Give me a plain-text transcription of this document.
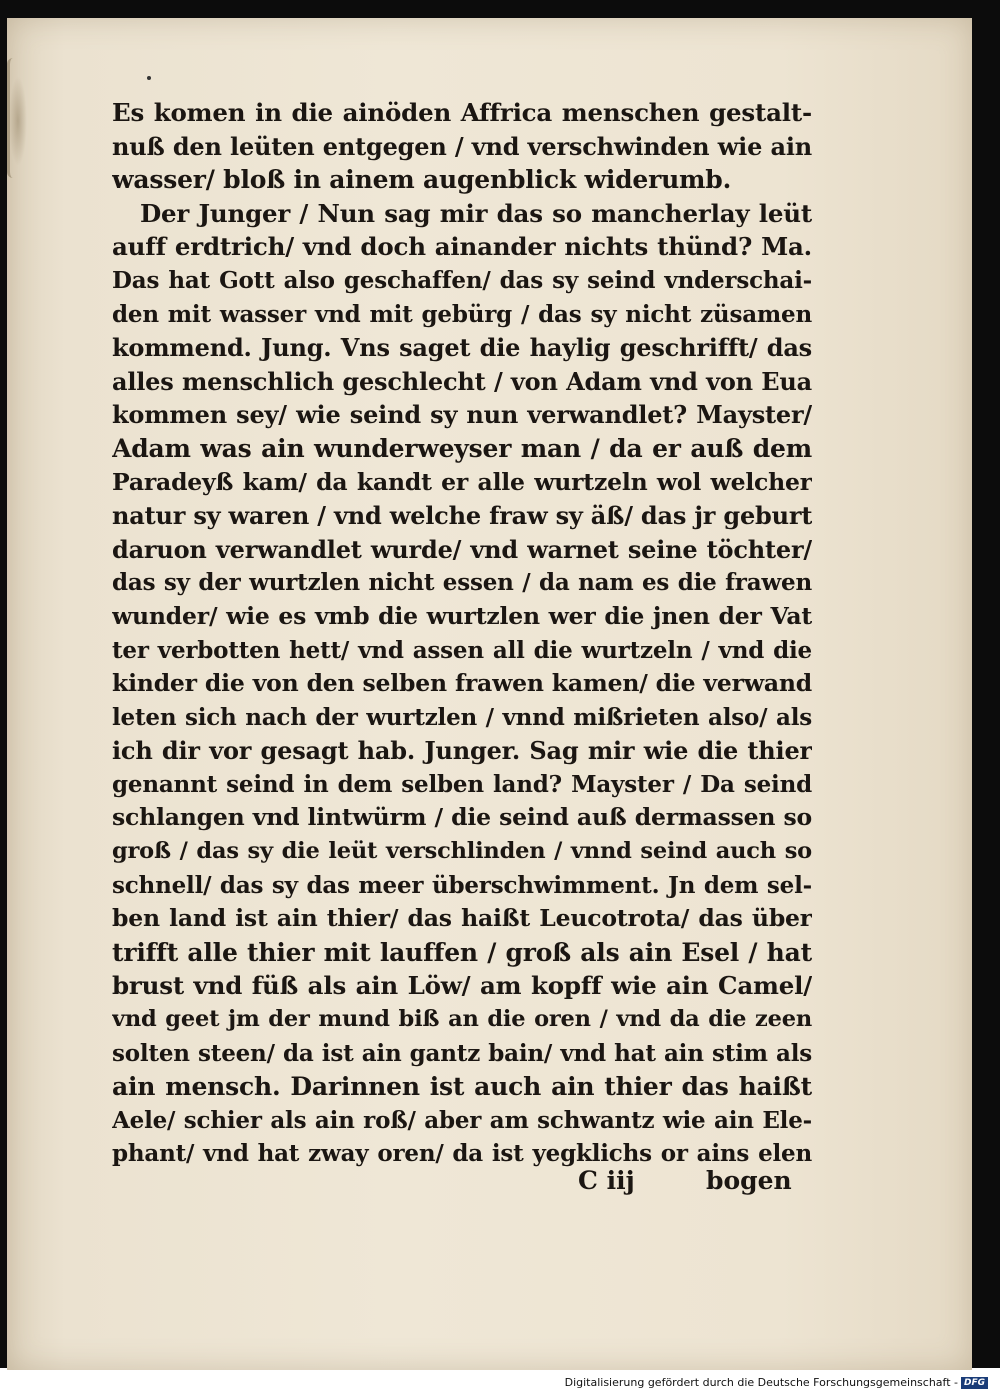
Es komen in die ainöden Affrica menschen gestalt-
nuß den leüten entgegen / vnd verschwinden wie ain
wasser/ bloß in ainem augenblick widerumb.
Der Junger / Nun sag mir das so mancherlay leüt
auff erdtrich/ vnd doch ainander nichts thünd? Ma.
Das hat Gott also geschaffen/ das sy seind vnderschai-
den mit wasser vnd mit gebürg / das sy nicht züsamen
kommend. Jung. Vns saget die haylig geschrifft/ das
alles menschlich geschlecht / von Adam vnd von Eua
kommen sey/ wie seind sy nun verwandlet? Mayster/
Adam was ain wunderweyser man / da er auß dem
Paradeyß kam/ da kandt er alle wurtzeln wol welcher
natur sy waren / vnd welche fraw sy äß/ das jr geburt
daruon verwandlet wurde/ vnd warnet seine töchter/
das sy der wurtzlen nicht essen / da nam es die frawen
wunder/ wie es vmb die wurtzlen wer die jnen der Vat
ter verbotten hett/ vnd assen all die wurtzeln / vnd die
kinder die von den selben frawen kamen/ die verwand
leten sich nach der wurtzlen / vnnd mißrieten also/ als
ich dir vor gesagt hab. Junger. Sag mir wie die thier
genannt seind in dem selben land? Mayster / Da seind
schlangen vnd lintwürm / die seind auß dermassen so
groß / das sy die leüt verschlinden / vnnd seind auch so
schnell/ das sy das meer überschwimment. Jn dem sel-
ben land ist ain thier/ das haißt Leucotrota/ das über
trifft alle thier mit lauffen / groß als ain Esel / hat
brust vnd füß als ain Löw/ am kopff wie ain Camel/
vnd geet jm der mund biß an die oren / vnd da die zeen
solten steen/ da ist ain gantz bain/ vnd hat ain stim als
ain mensch. Darinnen ist auch ain thier das haißt
Aele/ schier als ain roß/ aber am schwantz wie ain Ele-
phant/ vnd hat zway oren/ da ist yegklichs or ains elen
C iij	bogen
Digitalisierung gefördert durch die Deutsche Forschungsgemeinschaft - DFG
